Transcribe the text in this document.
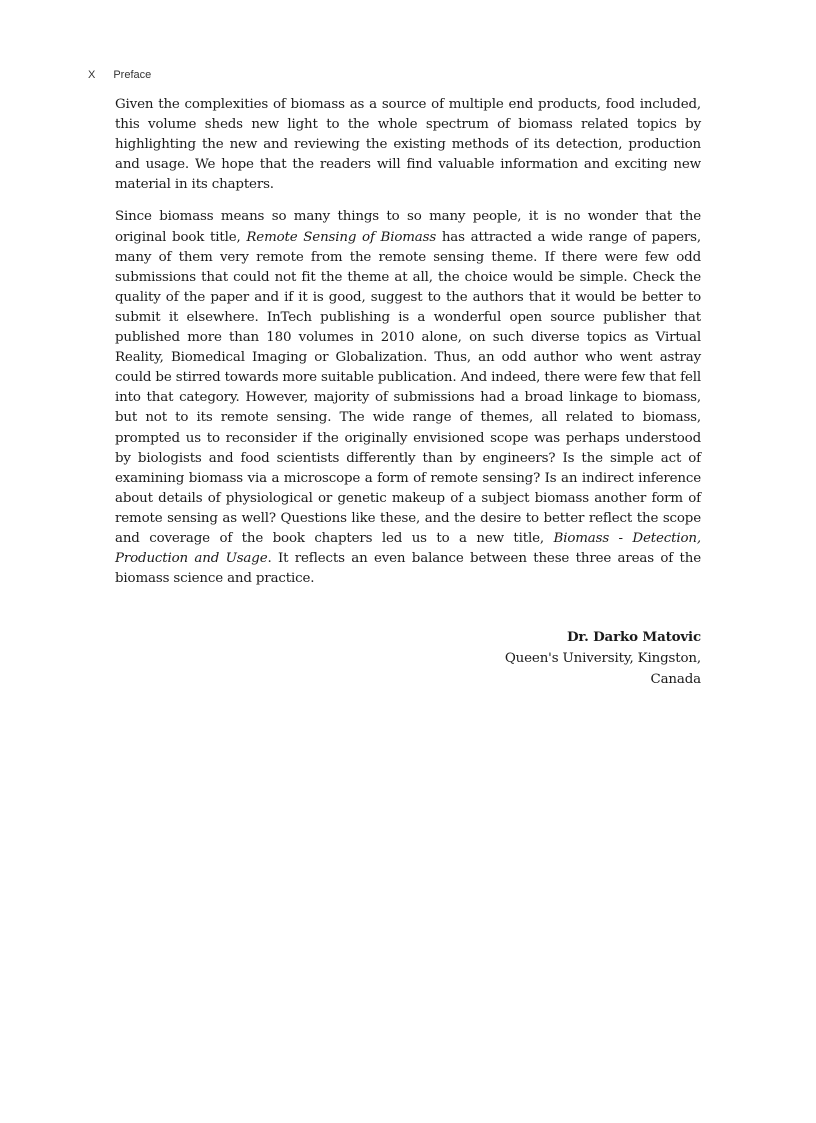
X Preface

Given the complexities of biomass as a source of multiple end products, food included, this volume sheds new light to the whole spectrum of biomass related topics by highlighting the new and reviewing the existing methods of its detection, production and usage. We hope that the readers will find valuable information and exciting new material in its chapters.

Since biomass means so many things to so many people, it is no wonder that the original book title, Remote Sensing of Biomass has attracted a wide range of papers, many of them very remote from the remote sensing theme. If there were few odd submissions that could not fit the theme at all, the choice would be simple. Check the quality of the paper and if it is good, suggest to the authors that it would be better to submit it elsewhere. InTech publishing is a wonderful open source publisher that published more than 180 volumes in 2010 alone, on such diverse topics as Virtual Reality, Biomedical Imaging or Globalization. Thus, an odd author who went astray could be stirred towards more suitable publication. And indeed, there were few that fell into that category. However, majority of submissions had a broad linkage to biomass, but not to its remote sensing. The wide range of themes, all related to biomass, prompted us to reconsider if the originally envisioned scope was perhaps understood by biologists and food scientists differently than by engineers? Is the simple act of examining biomass via a microscope a form of remote sensing? Is an indirect inference about details of physiological or genetic makeup of a subject biomass another form of remote sensing as well? Questions like these, and the desire to better reflect the scope and coverage of the book chapters led us to a new title, Biomass - Detection, Production and Usage. It reflects an even balance between these three areas of the biomass science and practice.

Dr. Darko Matovic
Queen's University, Kingston,
Canada
